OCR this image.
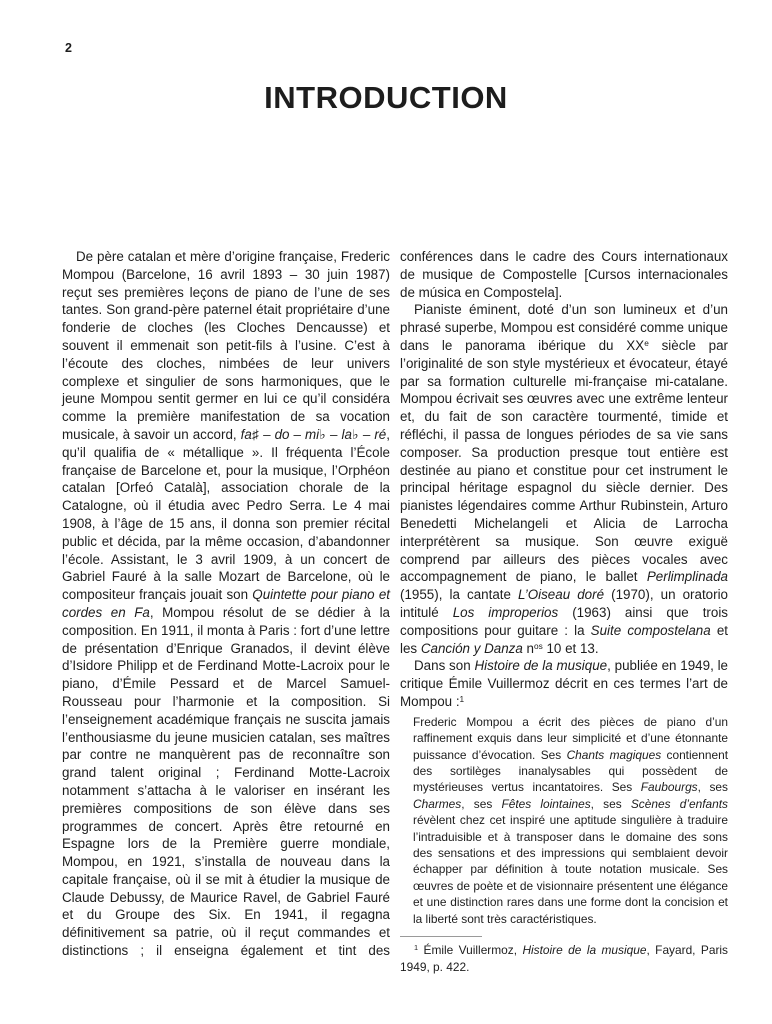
2
INTRODUCTION

De père catalan et mère d’origine française, Frederic Mompou (Barcelone, 16 avril 1893 – 30 juin 1987) reçut ses premières leçons de piano de l’une de ses tantes. Son grand-père paternel était propriétaire d’une fonderie de cloches (les Cloches Dencausse) et souvent il emmenait son petit-fils à l’usine. C’est à l’écoute des cloches, nimbées de leur univers complexe et singulier de sons harmoniques, que le jeune Mompou sentit germer en lui ce qu’il considéra comme la première manifestation de sa vocation musicale, à savoir un accord, fa♯ – do – mi♭ – la♭ – ré, qu’il qualifia de « métallique ». Il fréquenta l’École française de Barcelone et, pour la musique, l’Orphéon catalan [Orfeó Català], association chorale de la Catalogne, où il étudia avec Pedro Serra. Le 4 mai 1908, à l’âge de 15 ans, il donna son premier récital public et décida, par la même occasion, d’abandonner l’école. Assistant, le 3 avril 1909, à un concert de Gabriel Fauré à la salle Mozart de Barcelone, où le compositeur français jouait son Quintette pour piano et cordes en Fa, Mompou résolut de se dédier à la composition. En 1911, il monta à Paris : fort d’une lettre de présentation d’Enrique Granados, il devint élève d’Isidore Philipp et de Ferdinand Motte-Lacroix pour le piano, d’Émile Pessard et de Marcel Samuel-Rousseau pour l’harmonie et la composition. Si l’enseignement académique français ne suscita jamais l’enthousiasme du jeune musicien catalan, ses maîtres par contre ne manquèrent pas de reconnaître son grand talent original ; Ferdinand Motte-Lacroix notamment s’attacha à le valoriser en insérant les premières compositions de son élève dans ses programmes de concert. Après être retourné en Espagne lors de la Première guerre mondiale, Mompou, en 1921, s’installa de nouveau dans la capitale française, où il se mit à étudier la musique de Claude Debussy, de Maurice Ravel, de Gabriel Fauré et du Groupe des Six. En 1941, il regagna définitivement sa patrie, où il reçut commandes et distinctions ; il enseigna également et tint des

conférences dans le cadre des Cours internationaux de musique de Compostelle [Cursos internacionales de música en Compostela].

Pianiste éminent, doté d’un son lumineux et d’un phrasé superbe, Mompou est considéré comme unique dans le panorama ibérique du XXe siècle par l’originalité de son style mystérieux et évocateur, étayé par sa formation culturelle mi-française mi-catalane. Mompou écrivait ses œuvres avec une extrême lenteur et, du fait de son caractère tourmenté, timide et réfléchi, il passa de longues périodes de sa vie sans composer. Sa production presque tout entière est destinée au piano et constitue pour cet instrument le principal héritage espagnol du siècle dernier. Des pianistes légendaires comme Arthur Rubinstein, Arturo Benedetti Michelangeli et Alicia de Larrocha interprétèrent sa musique. Son œuvre exiguë comprend par ailleurs des pièces vocales avec accompagnement de piano, le ballet Perlimplinada (1955), la cantate L’Oiseau doré (1970), un oratorio intitulé Los improperios (1963) ainsi que trois compositions pour guitare : la Suite compostelana et les Canción y Danza $n^{os}$ 10 et 13.

Dans son Histoire de la musique, publiée en 1949, le critique Émile Vuillermoz décrit en ces termes l’art de Mompou :$^1$

Frederic Mompou a écrit des pièces de piano d’un raffinement exquis dans leur simplicité et d’une étonnante puissance d’évocation. Ses Chants magiques contiennent des sortilèges inanalysables qui possèdent de mystérieuses vertus incantatoires. Ses Faubourgs, ses Charmes, ses Fêtes lointaines, ses Scènes d’enfants révèlent chez cet inspiré une aptitude singulière à traduire l’intraduisible et à transposer dans le domaine des sons des sensations et des impressions qui semblaient devoir échapper par définition à toute notation musicale. Ses œuvres de poète et de visionnaire présentent une élégance et une distinction rares dans une forme dont la concision et la liberté sont très caractéristiques.

$^1$ Émile Vuillermoz, Histoire de la musique, Fayard, Paris 1949, p. 422.
